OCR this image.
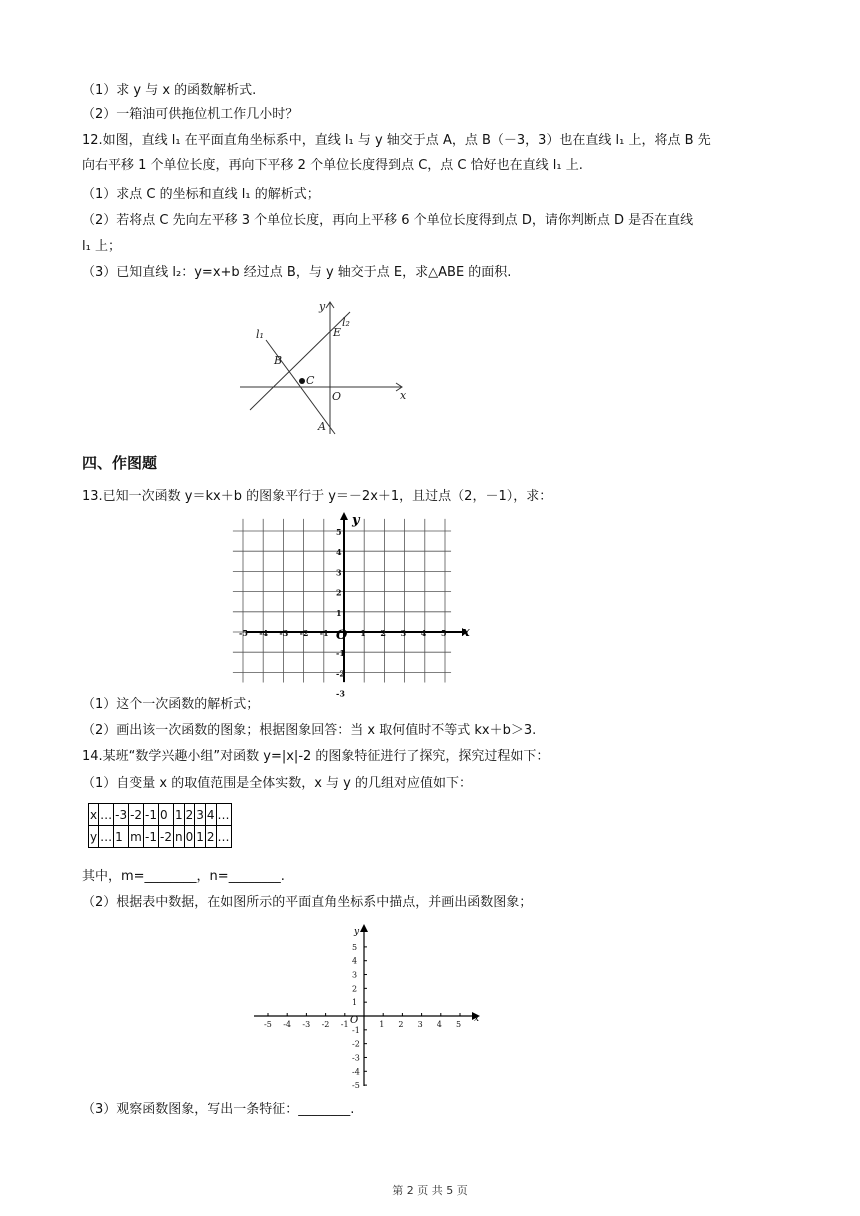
（1）求 y 与 x 的函数解析式.
（2）一箱油可供拖位机工作几小时？
12.如图，直线 l₁ 在平面直角坐标系中，直线 l₁ 与 y 轴交于点 A，点 B（－3，3）也在直线 l₁ 上，将点 B 先
向右平移 1 个单位长度，再向下平移 2 个单位长度得到点 C，点 C 恰好也在直线 l₁ 上.
（1）求点 C 的坐标和直线 l₁ 的解析式；
（2）若将点 C 先向左平移 3 个单位长度，再向上平移 6 个单位长度得到点 D，请你判断点 D 是否在直线
l₁ 上；
（3）已知直线 l₂：y=x+b 经过点 B，与 y 轴交于点 E，求△ABE 的面积.
y
x
l₁
l₂
B
C
E
O
A
四、作图题
13.已知一次函数 y＝kx＋b 的图象平行于 y＝－2x＋1，且过点（2，－1），求：
-5 -4 -3 -2 -1	1 2 3 4 5
5
4
3
2
1
-1
-2
-3
O	x
y
（1）这个一次函数的解析式；
（2）画出该一次函数的图象；根据图象回答：当 x 取何值时不等式 kx＋b＞3.
14.某班“数学兴趣小组”对函数 y=|x|-2 的图象特征进行了探究，探究过程如下：
（1）自变量 x 的取值范围是全体实数，x 与 y 的几组对应值如下：
x	…	-3	-2	-1	0	1	2	3	4	…
y	…	1	m	-1	-2	n	0	1	2	…
其中，m=________，n=________.
（2）根据表中数据，在如图所示的平面直角坐标系中描点，并画出函数图象；
-5 -4 -3 -2 -1	1 2 3 4 5
5
4
3
2
1
-1
-2
-3
-4
-5
O	x
y
（3）观察函数图象，写出一条特征：________.
第 2 页 共 5 页
